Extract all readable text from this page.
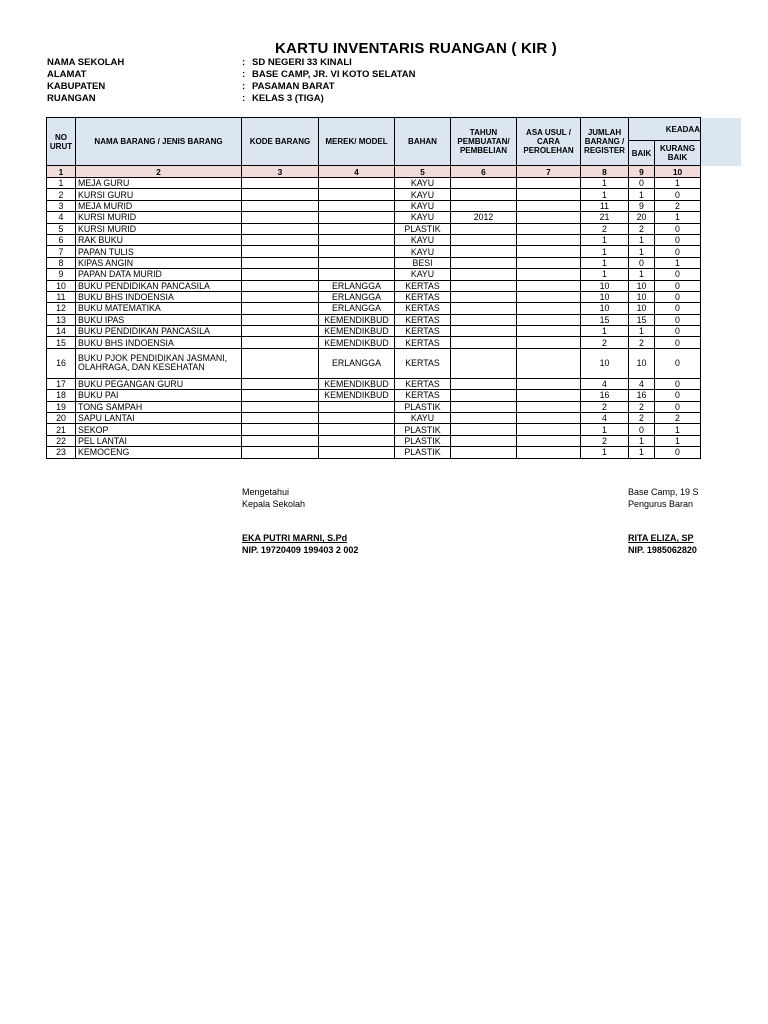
KARTU INVENTARIS RUANGAN ( KIR )
NAMA SEKOLAH	: SD NEGERI 33 KINALI
ALAMAT	: BASE CAMP, JR. VI KOTO SELATAN
KABUPATEN	: PASAMAN BARAT
RUANGAN	: KELAS 3 (TIGA)
NO URUT	NAMA BARANG / JENIS BARANG	KODE BARANG	MEREK/ MODEL	BAHAN	TAHUN PEMBUATAN/ PEMBELIAN	ASA USUL / CARA PEROLEHAN	JUMLAH BARANG / REGISTER	KEADAA		
								BAIK	KURANG BAIK	
1	2	3	4	5	6	7	8	9	10	
1	MEJA GURU			KAYU			1	0	1	
2	KURSI GURU			KAYU			1	1	0	
3	MEJA MURID			KAYU			11	9	2	
4	KURSI MURID			KAYU	2012		21	20	1	
5	KURSI MURID			PLASTIK			2	2	0	
6	RAK BUKU			KAYU			1	1	0	
7	PAPAN TULIS			KAYU			1	1	0	
8	KIPAS ANGIN			BESI			1	0	1	
9	PAPAN DATA MURID			KAYU			1	1	0	
10	BUKU PENDIDIKAN PANCASILA		ERLANGGA	KERTAS			10	10	0	
11	BUKU BHS INDOENSIA		ERLANGGA	KERTAS			10	10	0	
12	BUKU MATEMATIKA		ERLANGGA	KERTAS			10	10	0	
13	BUKU IPAS		KEMENDIKBUD	KERTAS			15	15	0	
14	BUKU PENDIDIKAN PANCASILA		KEMENDIKBUD	KERTAS			1	1	0	
15	BUKU BHS INDOENSIA		KEMENDIKBUD	KERTAS			2	2	0	
16	BUKU PJOK PENDIDIKAN JASMANI, OLAHRAGA, DAN KESEHATAN		ERLANGGA	KERTAS			10	10	0	
17	BUKU PEGANGAN GURU		KEMENDIKBUD	KERTAS			4	4	0	
18	BUKU PAI		KEMENDIKBUD	KERTAS			16	16	0	
19	TONG SAMPAH			PLASTIK			2	2	0	
20	SAPU LANTAI			KAYU			4	2	2	
21	SEKOP			PLASTIK			1	0	1	
22	PEL LANTAI			PLASTIK			2	1	1	
23	KEMOCENG			PLASTIK			1	1	0	
Mengetahui
Kepala Sekolah
EKA PUTRI MARNI, S.Pd
NIP. 19720409 199403 2 002
Base Camp, 19 S
Pengurus Baran
RITA ELIZA, SP
NIP. 1985062820
